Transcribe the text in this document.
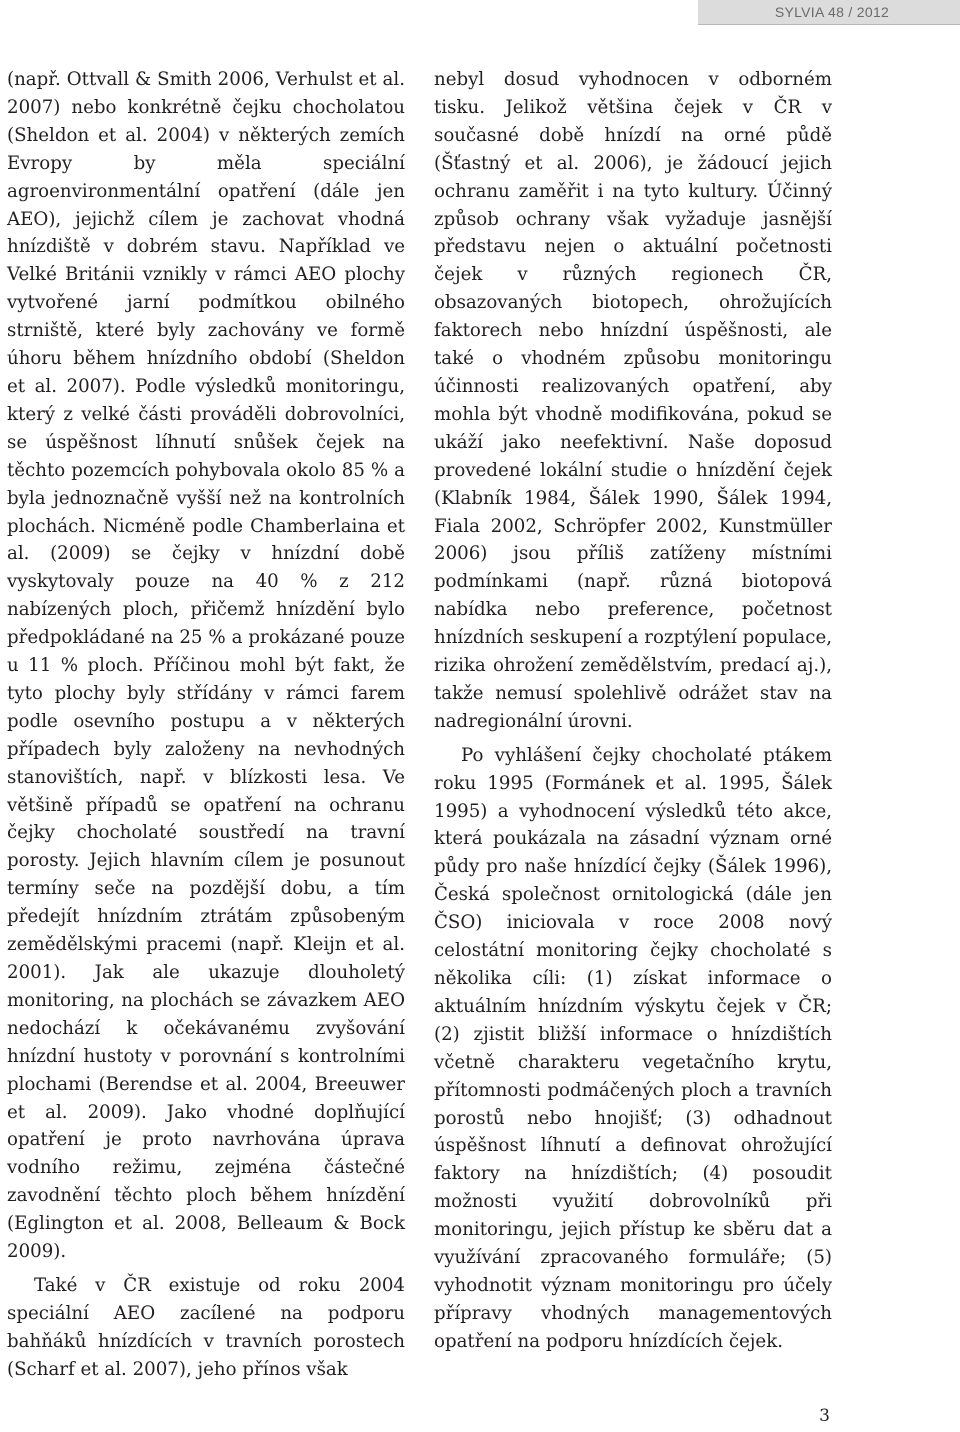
SYLVIA 48 / 2012

(např. Ottvall & Smith 2006, Verhulst et al. 2007) nebo konkrétně čejku chocholatou (Sheldon et al. 2004) v některých zemích Evropy by měla speciální agroenvironmentální opatření (dále jen AEO), jejichž cílem je zachovat vhodná hnízdiště v dobrém stavu. Například ve Velké Británii vznikly v rámci AEO plochy vytvořené jarní podmítkou obilného strniště, které byly zachovány ve formě úhoru během hnízdního období (Sheldon et al. 2007). Podle výsledků monitoringu, který z velké části prováděli dobrovolníci, se úspěšnost líhnutí snůšek čejek na těchto pozemcích pohybovala okolo 85 % a byla jednoznačně vyšší než na kontrolních plochách. Nicméně podle Chamberlaina et al. (2009) se čejky v hnízdní době vyskytovaly pouze na 40 % z 212 nabízených ploch, přičemž hnízdění bylo předpokládané na 25 % a prokázané pouze u 11 % ploch. Příčinou mohl být fakt, že tyto plochy byly střídány v rámci farem podle osevního postupu a v některých případech byly založeny na nevhodných stanovištích, např. v blízkosti lesa. Ve většině případů se opatření na ochranu čejky chocholaté soustředí na travní porosty. Jejich hlavním cílem je posunout termíny seče na pozdější dobu, a tím předejít hnízdním ztrátám způsobeným zemědělskými pracemi (např. Kleijn et al. 2001). Jak ale ukazuje dlouholetý monitoring, na plochách se závazkem AEO nedochází k očekávanému zvyšování hnízdní hustoty v porovnání s kontrolními plochami (Berendse et al. 2004, Breeuwer et al. 2009). Jako vhodné doplňující opatření je proto navrhována úprava vodního režimu, zejména částečné zavodnění těchto ploch během hnízdění (Eglington et al. 2008, Belleaum & Bock 2009).

Také v ČR existuje od roku 2004 speciální AEO zacílené na podporu bahňáků hnízdících v travních porostech (Scharf et al. 2007), jeho přínos však

nebyl dosud vyhodnocen v odborném tisku. Jelikož většina čejek v ČR v současné době hnízdí na orné půdě (Šťastný et al. 2006), je žádoucí jejich ochranu zaměřit i na tyto kultury. Účinný způsob ochrany však vyžaduje jasnější představu nejen o aktuální početnosti čejek v různých regionech ČR, obsazovaných biotopech, ohrožujících faktorech nebo hnízdní úspěšnosti, ale také o vhodném způsobu monitoringu účinnosti realizovaných opatření, aby mohla být vhodně modifikována, pokud se ukáží jako neefektivní. Naše doposud provedené lokální studie o hnízdění čejek (Klabník 1984, Šálek 1990, Šálek 1994, Fiala 2002, Schröpfer 2002, Kunstmüller 2006) jsou příliš zatíženy místními podmínkami (např. různá biotopová nabídka nebo preference, početnost hnízdních seskupení a rozptýlení populace, rizika ohrožení zemědělstvím, predací aj.), takže nemusí spolehlivě odrážet stav na nadregionální úrovni.

Po vyhlášení čejky chocholaté ptákem roku 1995 (Formánek et al. 1995, Šálek 1995) a vyhodnocení výsledků této akce, která poukázala na zásadní význam orné půdy pro naše hnízdící čejky (Šálek 1996), Česká společnost ornitologická (dále jen ČSO) iniciovala v roce 2008 nový celostátní monitoring čejky chocholaté s několika cíli: (1) získat informace o aktuálním hnízdním výskytu čejek v ČR; (2) zjistit bližší informace o hnízdištích včetně charakteru vegetačního krytu, přítomnosti podmáčených ploch a travních porostů nebo hnojišť; (3) odhadnout úspěšnost líhnutí a definovat ohrožující faktory na hnízdištích; (4) posoudit možnosti využití dobrovolníků při monitoringu, jejich přístup ke sběru dat a využívání zpracovaného formuláře; (5) vyhodnotit význam monitoringu pro účely přípravy vhodných managementových opatření na podporu hnízdících čejek.

3
